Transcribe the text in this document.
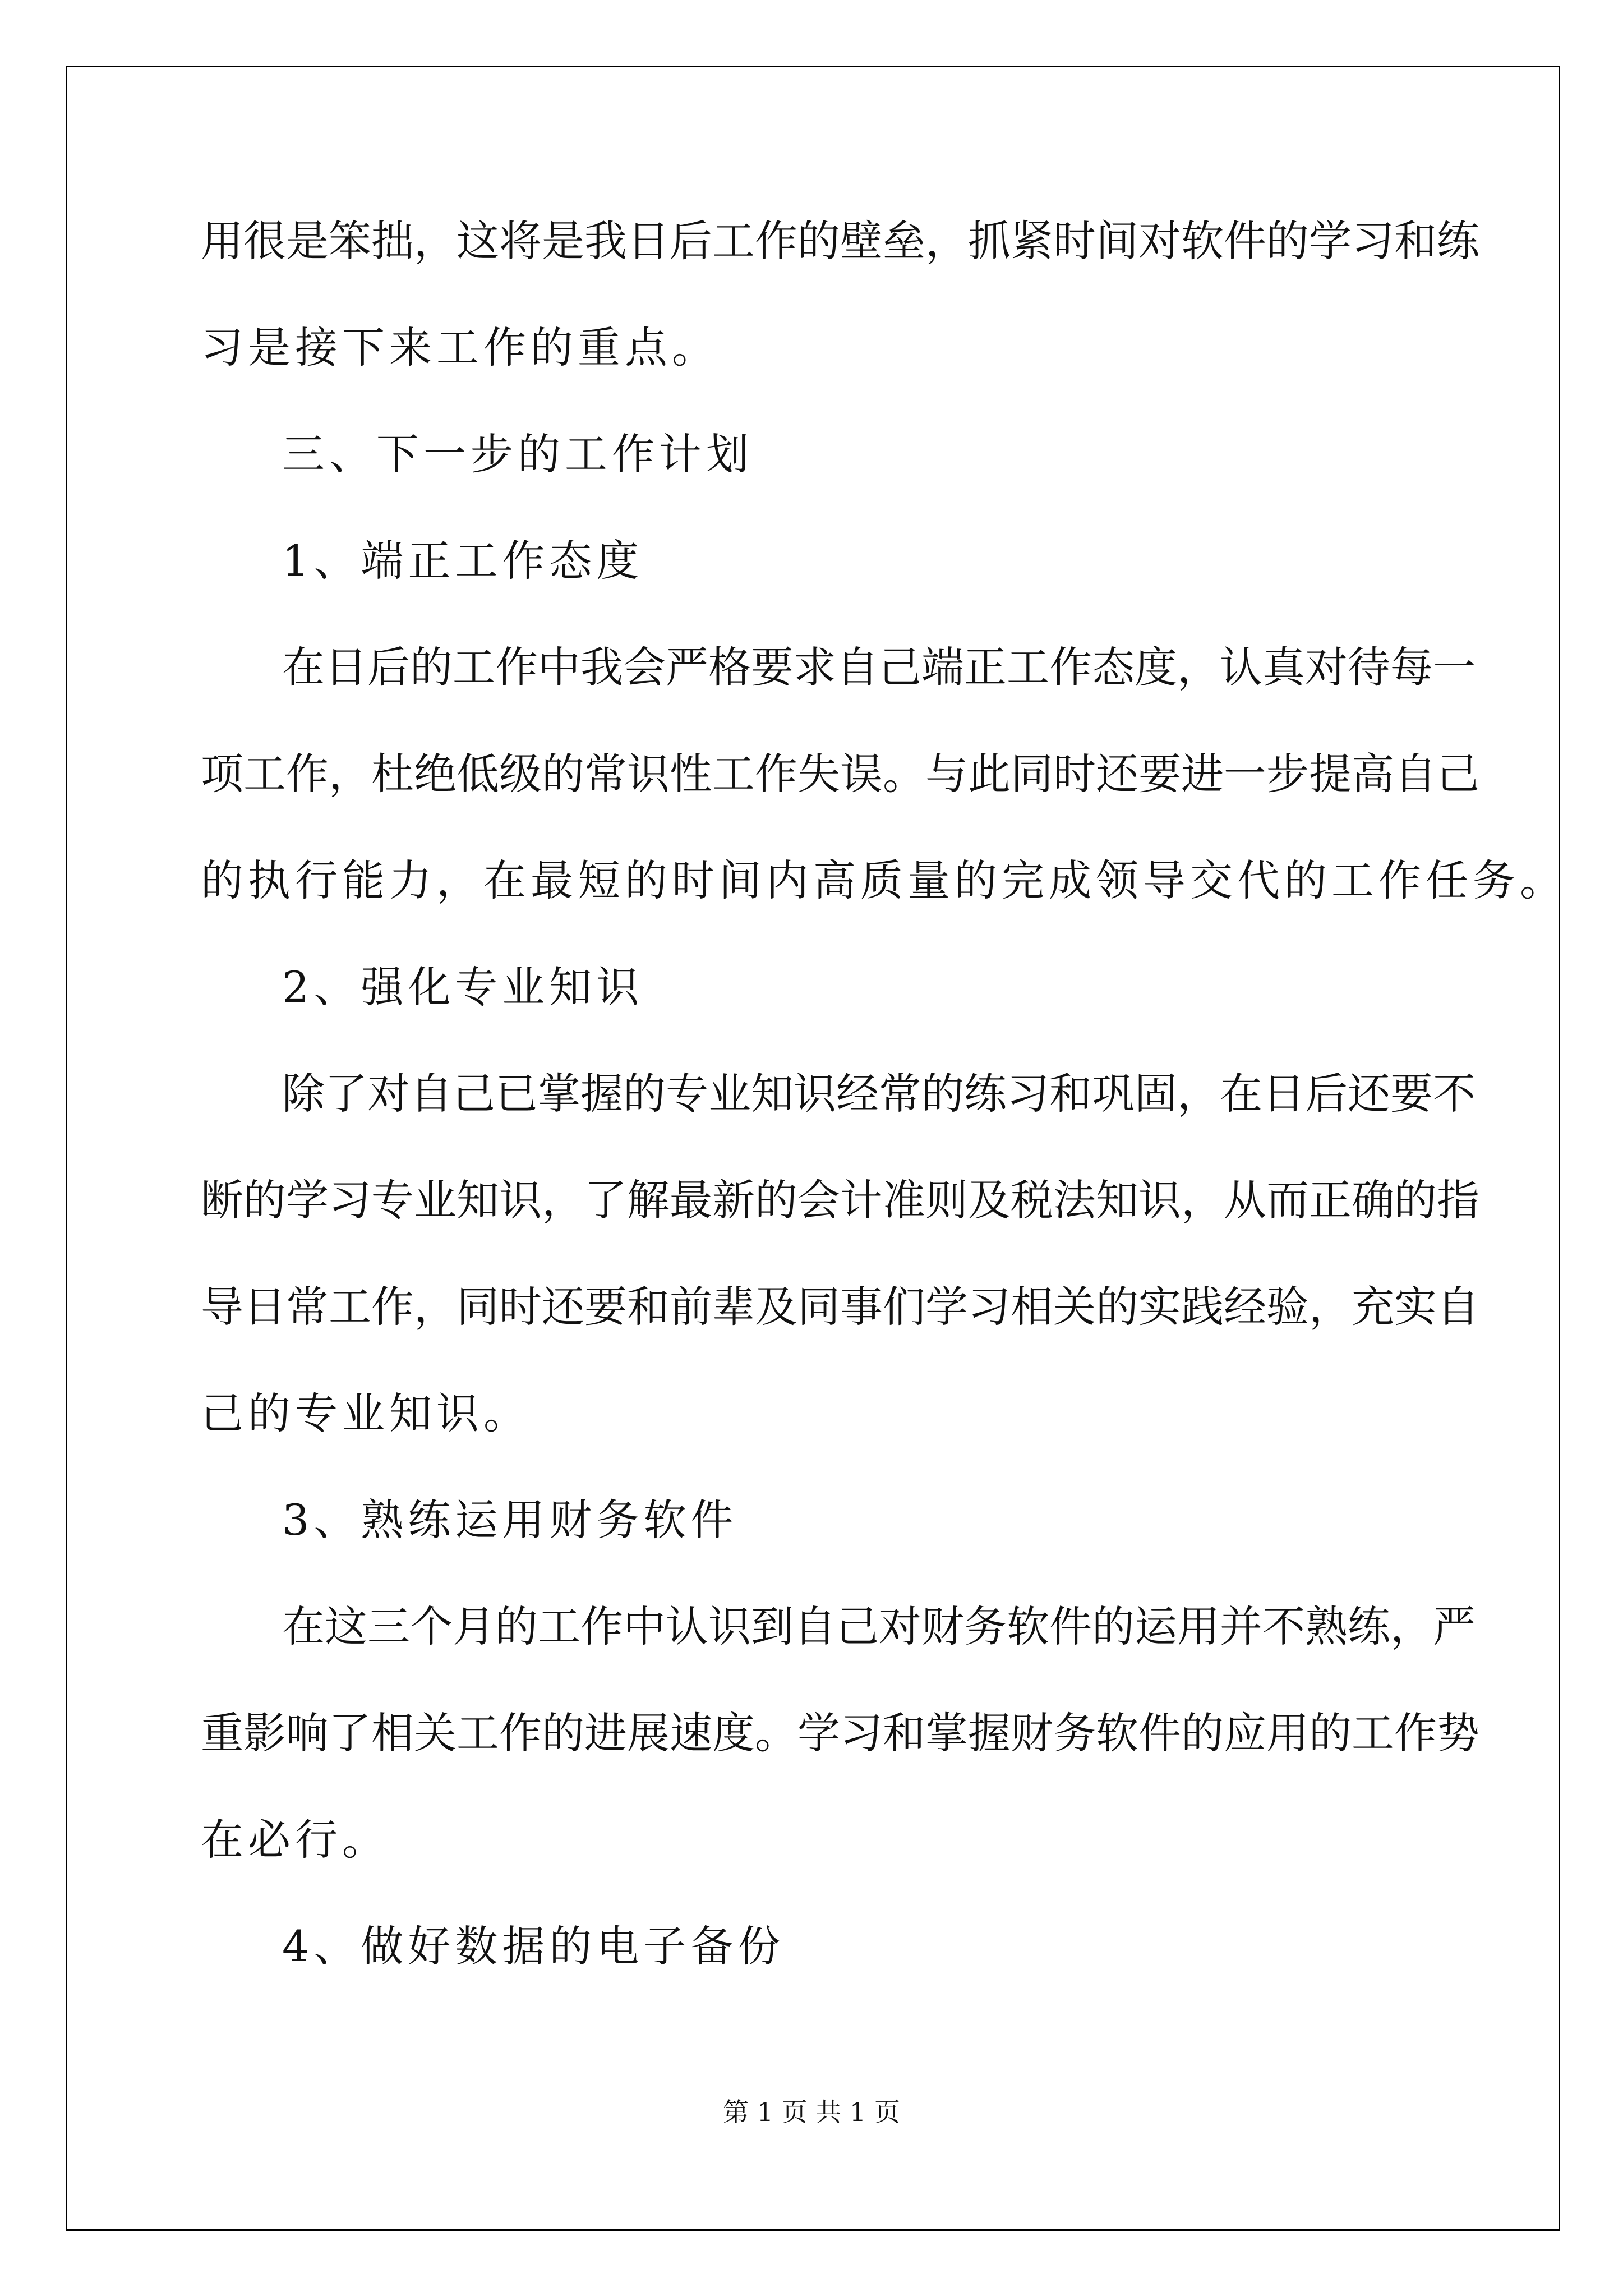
用很是笨拙，这将是我日后工作的壁垒，抓紧时间对软件的学习和练
习是接下来工作的重点。
三、下一步的工作计划
1、端正工作态度
在日后的工作中我会严格要求自己端正工作态度，认真对待每一
项工作，杜绝低级的常识性工作失误。与此同时还要进一步提高自己
的执行能力，在最短的时间内高质量的完成领导交代的工作任务。
2、强化专业知识
除了对自己已掌握的专业知识经常的练习和巩固，在日后还要不
断的学习专业知识，了解最新的会计准则及税法知识，从而正确的指
导日常工作，同时还要和前辈及同事们学习相关的实践经验，充实自
己的专业知识。
3、熟练运用财务软件
在这三个月的工作中认识到自己对财务软件的运用并不熟练，严
重影响了相关工作的进展速度。学习和掌握财务软件的应用的工作势
在必行。
4、做好数据的电子备份
第 1 页 共 1 页
